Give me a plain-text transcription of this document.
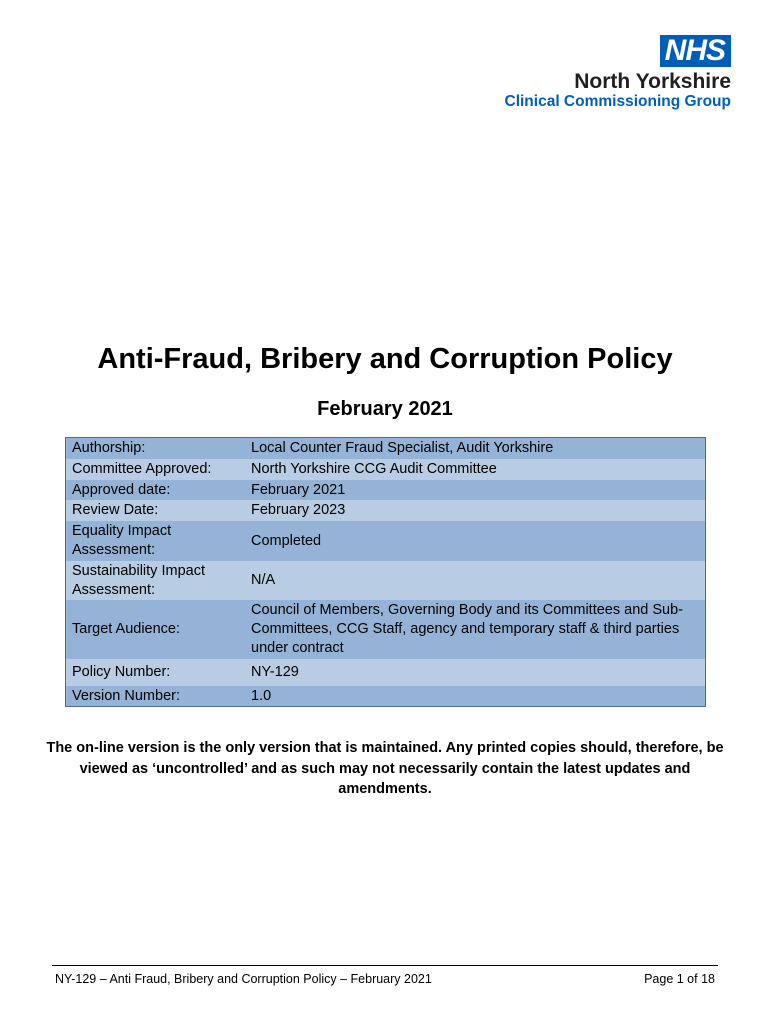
NHS
North Yorkshire
Clinical Commissioning Group
Anti-Fraud, Bribery and Corruption Policy
February 2021
Authorship:	Local Counter Fraud Specialist, Audit Yorkshire
Committee Approved:	North Yorkshire CCG Audit Committee
Approved date:	February 2021
Review Date:	February 2023
Equality Impact Assessment:	Completed
Sustainability Impact Assessment:	N/A
Target Audience:	Council of Members, Governing Body and its Committees and Sub-Committees, CCG Staff, agency and temporary staff & third parties under contract
Policy Number:	NY-129
Version Number:	1.0

The on-line version is the only version that is maintained. Any printed copies should, therefore, be viewed as ‘uncontrolled’ and as such may not necessarily contain the latest updates and amendments.

NY-129 – Anti Fraud, Bribery and Corruption Policy – February 2021	Page 1 of 18
